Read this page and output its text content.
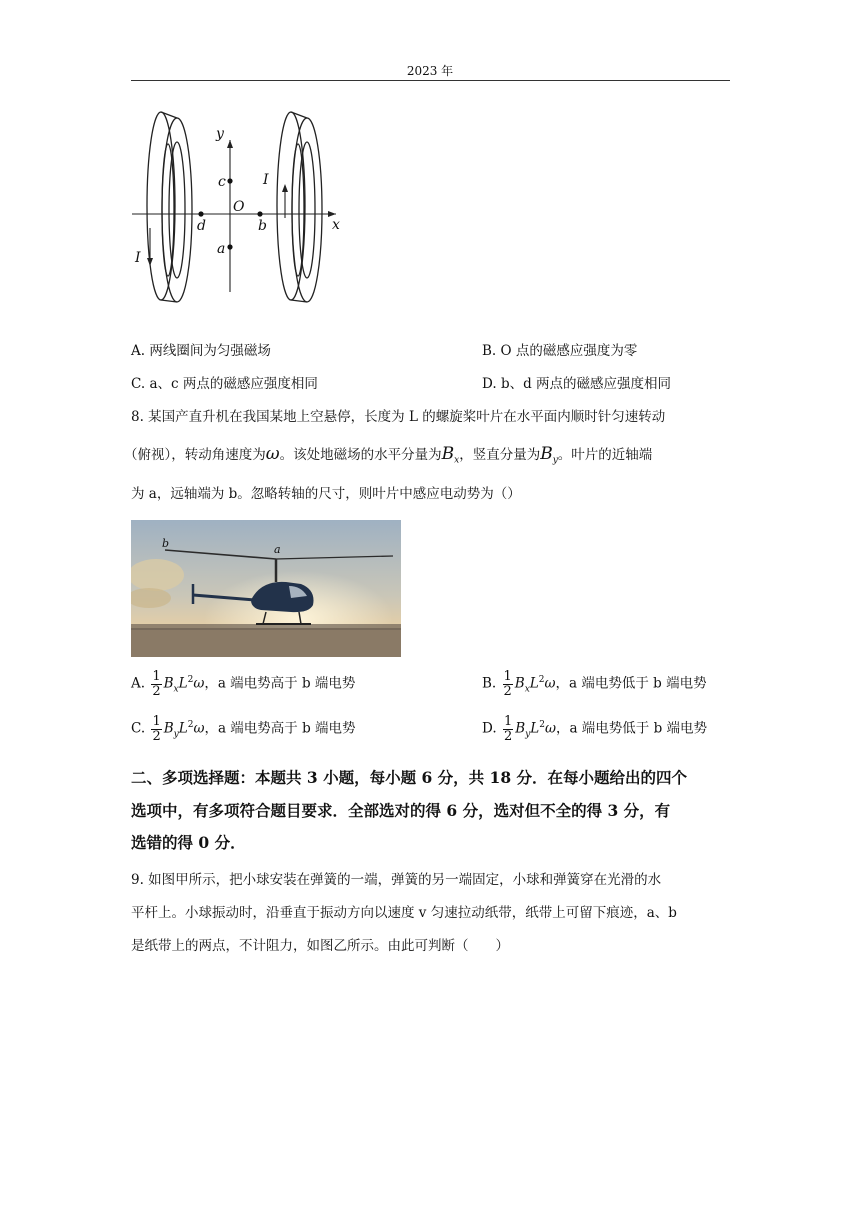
2023 年
y
x
O
c
a
b
d
I
I
A. 两线圈间为匀强磁场	B. O 点的磁感应强度为零
C. a、c 两点的磁感应强度相同	D. b、d 两点的磁感应强度相同
8. 某国产直升机在我国某地上空悬停，长度为 L 的螺旋桨叶片在水平面内顺时针匀速转动
（俯视），转动角速度为ω。该处地磁场的水平分量为$B_x$，竖直分量为$B_y$。叶片的近轴端
为 a，远轴端为 b。忽略转轴的尺寸，则叶片中感应电动势为（）
b	a
A. $\frac{1}{2} B_xL^2\omega$，a 端电势高于 b 端电势	B. $\frac{1}{2} B_xL^2\omega$，a 端电势低于 b 端电势
C. $\frac{1}{2} B_yL^2\omega$，a 端电势高于 b 端电势	D. $\frac{1}{2} B_yL^2\omega$，a 端电势低于 b 端电势
二、多项选择题：本题共 3 小题，每小题 6 分，共 18 分．在每小题给出的四个
选项中，有多项符合题目要求．全部选对的得 6 分，选对但不全的得 3 分，有
选错的得 0 分．
9. 如图甲所示，把小球安装在弹簧的一端，弹簧的另一端固定，小球和弹簧穿在光滑的水
平杆上。小球振动时，沿垂直于振动方向以速度 v 匀速拉动纸带，纸带上可留下痕迹，a、b
是纸带上的两点，不计阻力，如图乙所示。由此可判断（　　）
